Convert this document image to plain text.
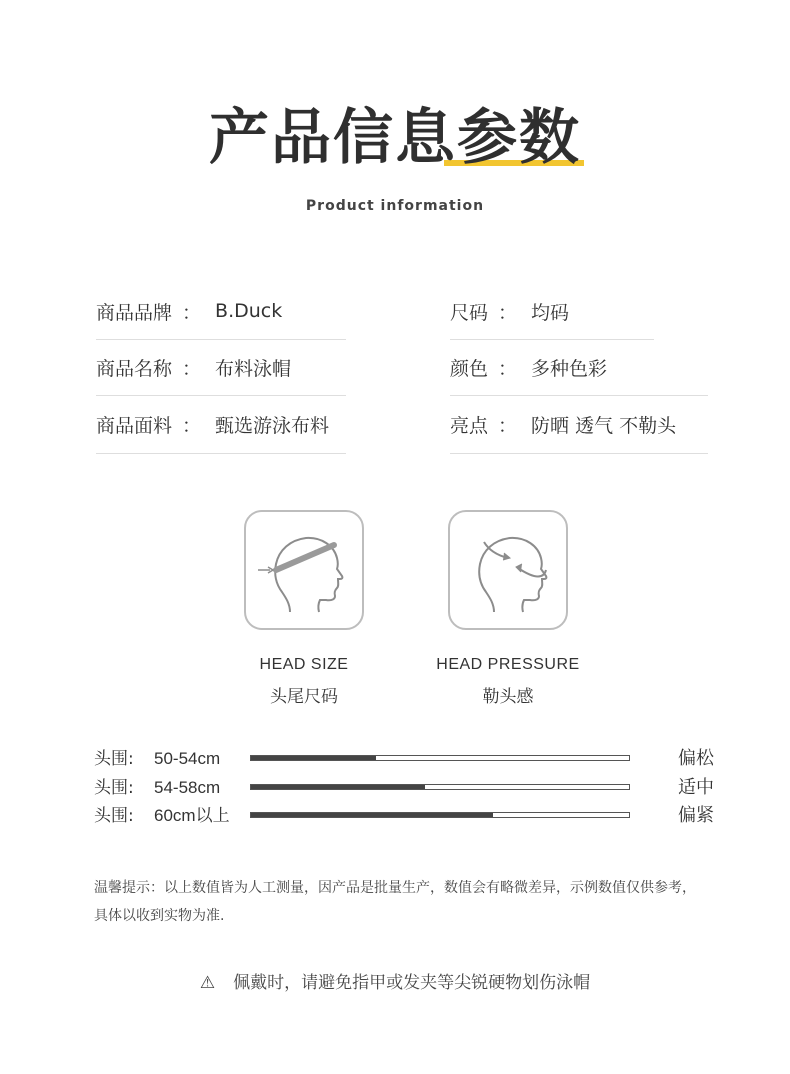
产品信息参数
Product information
商品品牌 ： B.Duck
商品名称 ： 布料泳帽
商品面料 ： 甄选游泳布料
尺码 ： 均码
颜色 ： 多种色彩
亮点 ： 防晒 透气 不勒头
HEAD SIZE
头尾尺码
HEAD PRESSURE
勒头感
头围: 50-54cm	偏松
头围: 54-58cm	适中
头围: 60cm以上	偏紧
温馨提示：以上数值皆为人工测量，因产品是批量生产，数值会有略微差异，示例数值仅供参考，具体以收到实物为准.
⚠ 佩戴时，请避免指甲或发夹等尖锐硬物划伤泳帽
